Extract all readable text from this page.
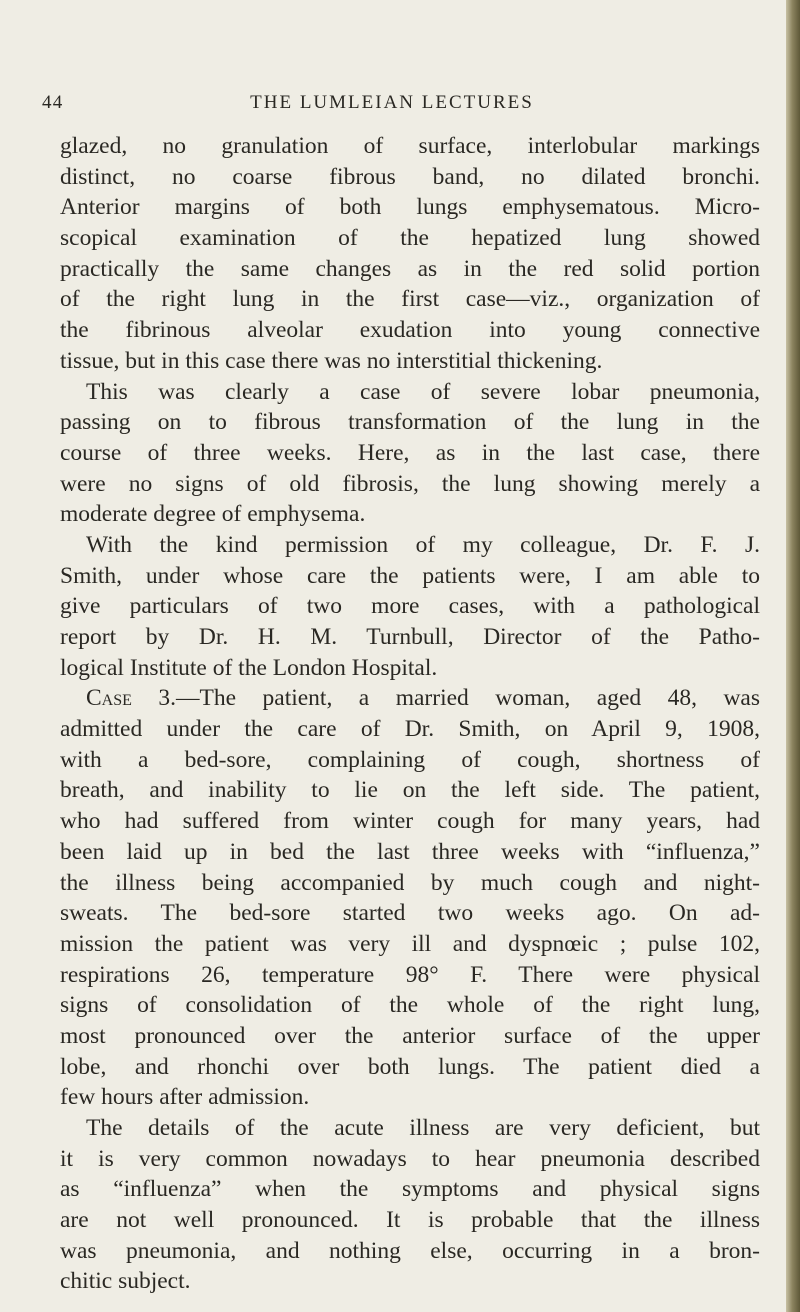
44	THE LUMLEIAN LECTURES
glazed, no granulation of surface, interlobular markings
distinct, no coarse fibrous band, no dilated bronchi.
Anterior margins of both lungs emphysematous. Micro-
scopical examination of the hepatized lung showed
practically the same changes as in the red solid portion
of the right lung in the first case—viz., organization of
the fibrinous alveolar exudation into young connective
tissue, but in this case there was no interstitial thickening.
This was clearly a case of severe lobar pneumonia,
passing on to fibrous transformation of the lung in the
course of three weeks. Here, as in the last case, there
were no signs of old fibrosis, the lung showing merely a
moderate degree of emphysema.
With the kind permission of my colleague, Dr. F. J.
Smith, under whose care the patients were, I am able to
give particulars of two more cases, with a pathological
report by Dr. H. M. Turnbull, Director of the Patho-
logical Institute of the London Hospital.
Case 3.—The patient, a married woman, aged 48, was
admitted under the care of Dr. Smith, on April 9, 1908,
with a bed-sore, complaining of cough, shortness of
breath, and inability to lie on the left side. The patient,
who had suffered from winter cough for many years, had
been laid up in bed the last three weeks with “influenza,”
the illness being accompanied by much cough and night-
sweats. The bed-sore started two weeks ago. On ad-
mission the patient was very ill and dyspnœic ; pulse 102,
respirations 26, temperature 98° F. There were physical
signs of consolidation of the whole of the right lung,
most pronounced over the anterior surface of the upper
lobe, and rhonchi over both lungs. The patient died a
few hours after admission.
The details of the acute illness are very deficient, but
it is very common nowadays to hear pneumonia described
as “influenza” when the symptoms and physical signs
are not well pronounced. It is probable that the illness
was pneumonia, and nothing else, occurring in a bron-
chitic subject.
